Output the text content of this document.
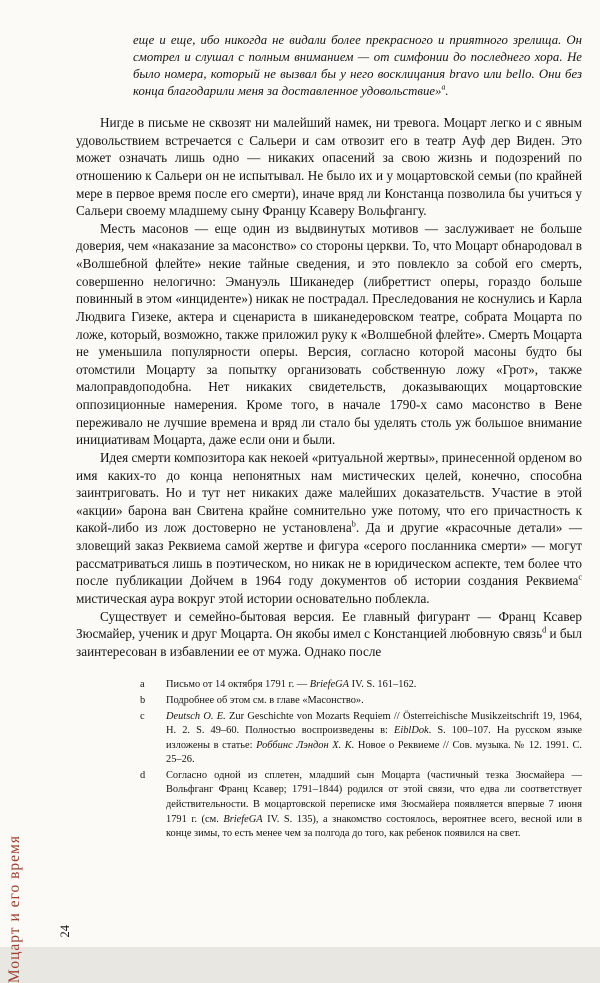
Моцарт и его время	24
еще и еще, ибо никогда не видали более прекрасного и приятного зрелища. Он смотрел и слушал с полным вниманием — от симфонии до последнего хора. Не было номера, который не вызвал бы у него восклицания bravo или bello. Они без конца благодарили меня за доставленное удовольствие»$^a$.

Нигде в письме не сквозят ни малейший намек, ни тревога. Моцарт легко и с явным удовольствием встречается с Сальери и сам отвозит его в театр Ауф дер Виден. Это может означать лишь одно — никаких опасений за свою жизнь и подозрений по отношению к Сальери он не испытывал. Не было их и у моцартовской семьи (по крайней мере в первое время после его смерти), иначе вряд ли Констанца позволила бы учиться у Сальери своему младшему сыну Францу Ксаверу Вольфгангу.

Месть масонов — еще один из выдвинутых мотивов — заслуживает не больше доверия, чем «наказание за масонство» со стороны церкви. То, что Моцарт обнародовал в «Волшебной флейте» некие тайные сведения, и это повлекло за собой его смерть, совершенно нелогично: Эмануэль Шиканедер (либреттист оперы, гораздо больше повинный в этом «инциденте») никак не пострадал. Преследования не коснулись и Карла Людвига Гизеке, актера и сценариста в шиканедеровском театре, собрата Моцарта по ложе, который, возможно, также приложил руку к «Волшебной флейте». Смерть Моцарта не уменьшила популярности оперы. Версия, согласно которой масоны будто бы отомстили Моцарту за попытку организовать собственную ложу «Грот», также малоправдоподобна. Нет никаких свидетельств, доказывающих моцартовские оппозиционные намерения. Кроме того, в начале 1790-х само масонство в Вене переживало не лучшие времена и вряд ли стало бы уделять столь уж большое внимание инициативам Моцарта, даже если они и были.

Идея смерти композитора как некоей «ритуальной жертвы», принесенной орденом во имя каких-то до конца непонятных нам мистических целей, конечно, способна заинтриговать. Но и тут нет никаких даже малейших доказательств. Участие в этой «акции» барона ван Свитена крайне сомнительно уже потому, что его причастность к какой-либо из лож достоверно не установлена$^b$. Да и другие «красочные детали» — зловещий заказ Реквиема самой жертве и фигура «серого посланника смерти» — могут рассматриваться лишь в поэтическом, но никак не в юридическом аспекте, тем более что после публикации Дойчем в 1964 году документов об истории создания Реквиема$^c$ мистическая аура вокруг этой истории основательно поблекла.

Существует и семейно-бытовая версия. Ее главный фигурант — Франц Ксавер Зюсмайер, ученик и друг Моцарта. Он якобы имел с Констанцией любовную связь$^d$ и был заинтересован в избавлении ее от мужа. Однако после

a	Письмо от 14 октября 1791 г. — BriefeGA IV. S. 161–162.
b	Подробнее об этом см. в главе «Масонство».
c	Deutsch O. E. Zur Geschichte von Mozarts Requiem // Österreichische Musikzeitschrift 19, 1964, H. 2. S. 49–60. Полностью воспроизведены в: EiblDok. S. 100–107. На русском языке изложены в статье: Роббинс Лэндон Х. К. Новое о Реквиеме // Сов. музыка. № 12. 1991. С. 25–26.
d	Согласно одной из сплетен, младший сын Моцарта (частичный тезка Зюсмайера — Вольфганг Франц Ксавер; 1791–1844) родился от этой связи, что едва ли соответствует действительности. В моцартовской переписке имя Зюсмайера появляется впервые 7 июня 1791 г. (см. BriefeGA IV. S. 135), а знакомство состоялось, вероятнее всего, весной или в конце зимы, то есть менее чем за полгода до того, как ребенок появился на свет.
